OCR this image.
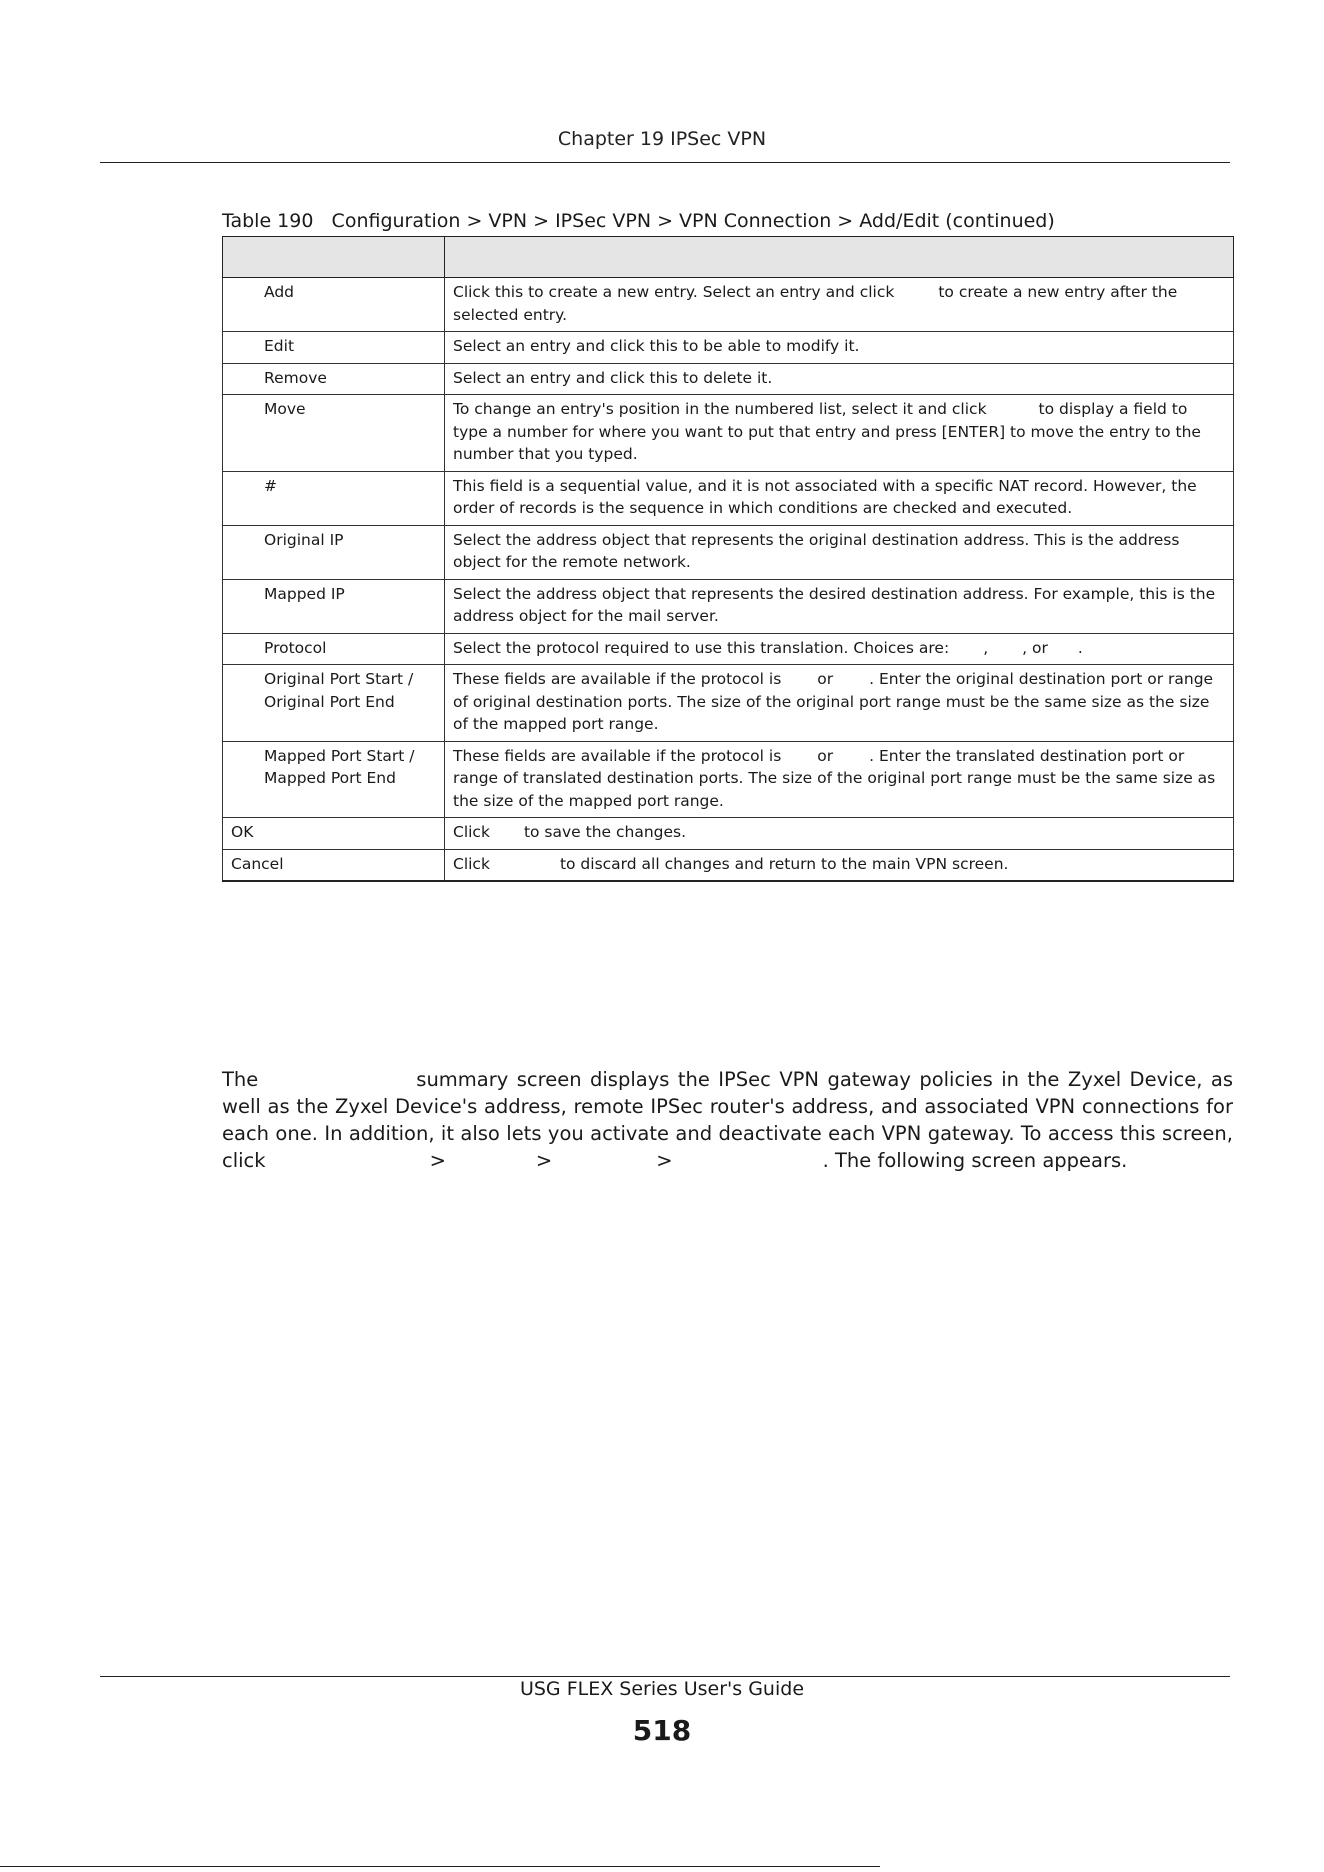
Chapter 19 IPSec VPN
Table 190   Configuration > VPN > IPSec VPN > VPN Connection > Add/Edit (continued)

Add	Click this to create a new entry. Select an entry and click to create a new entry after the selected entry.
Edit	Select an entry and click this to be able to modify it.
Remove	Select an entry and click this to delete it.
Move	To change an entry's position in the numbered list, select it and click to display a field to type a number for where you want to put that entry and press [ENTER] to move the entry to the number that you typed.
#	This field is a sequential value, and it is not associated with a specific NAT record. However, the order of records is the sequence in which conditions are checked and executed.
Original IP	Select the address object that represents the original destination address. This is the address object for the remote network.
Mapped IP	Select the address object that represents the desired destination address. For example, this is the address object for the mail server.
Protocol	Select the protocol required to use this translation. Choices are: , , or .
Original Port Start / Original Port End	These fields are available if the protocol is or . Enter the original destination port or range of original destination ports. The size of the original port range must be the same size as the size of the mapped port range.
Mapped Port Start / Mapped Port End	These fields are available if the protocol is or . Enter the translated destination port or range of translated destination ports. The size of the original port range must be the same size as the size of the mapped port range.
OK	Click to save the changes.
Cancel	Click to discard all changes and return to the main VPN screen.

The	summary screen displays the IPSec VPN gateway policies in the Zyxel Device, as well as the Zyxel Device's address, remote IPSec router's address, and associated VPN connections for each one. In addition, it also lets you activate and deactivate each VPN gateway. To access this screen, click	>	>	>	. The following screen appears.

USG FLEX Series User's Guide
518
